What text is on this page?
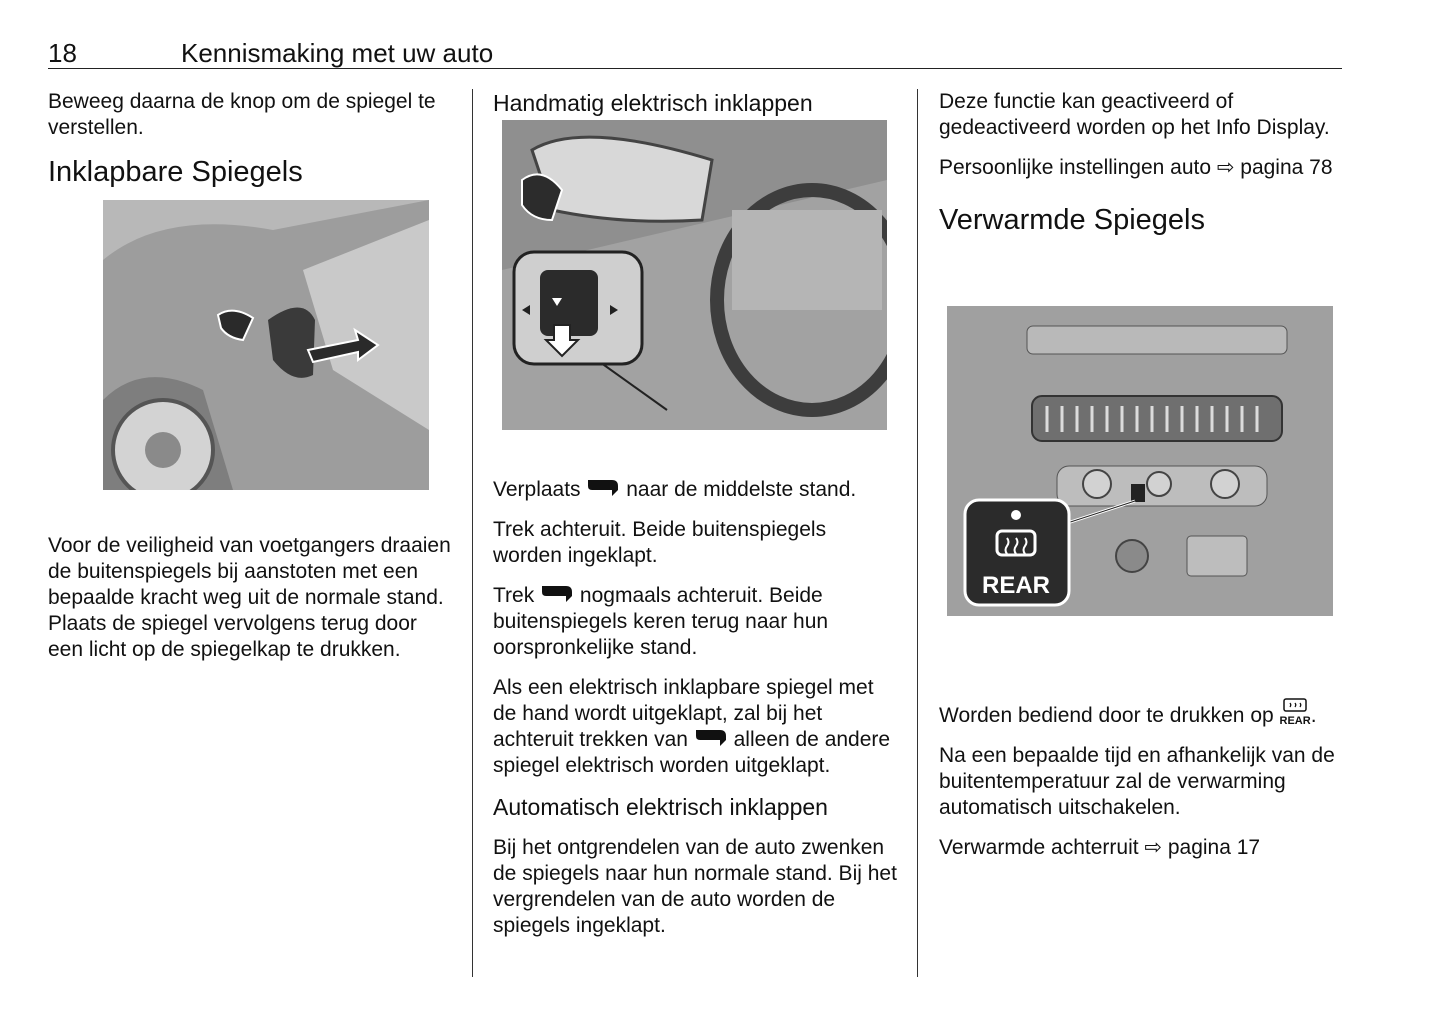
18	Kennismaking met uw auto

Beweeg daarna de knop om de spiegel te verstellen.

Inklapbare Spiegels

Voor de veiligheid van voetgangers draaien de buitenspiegels bij aanstoten met een bepaalde kracht weg uit de normale stand. Plaats de spiegel vervolgens terug door een licht op de spiegelkap te drukken.

Handmatig elektrisch inklappen

Verplaats naar de middelste stand.

Trek achteruit. Beide buitenspiegels worden ingeklapt.

Trek nogmaals achteruit. Beide buitenspiegels keren terug naar hun oorspronkelijke stand.

Als een elektrisch inklapbare spiegel met de hand wordt uitgeklapt, zal bij het achteruit trekken van alleen de andere spiegel elektrisch worden uitgeklapt.

Automatisch elektrisch inklappen

Bij het ontgrendelen van de auto zwenken de spiegels naar hun normale stand. Bij het vergrendelen van de auto worden de spiegels ingeklapt.

Deze functie kan geactiveerd of gedeactiveerd worden op het Info Display.

Persoonlijke instellingen auto ⇨ pagina 78

Verwarmde Spiegels
REAR

Worden bediend door te drukken op REAR.

Na een bepaalde tijd en afhankelijk van de buitentemperatuur zal de verwarming automatisch uitschakelen.

Verwarmde achterruit ⇨ pagina 17
